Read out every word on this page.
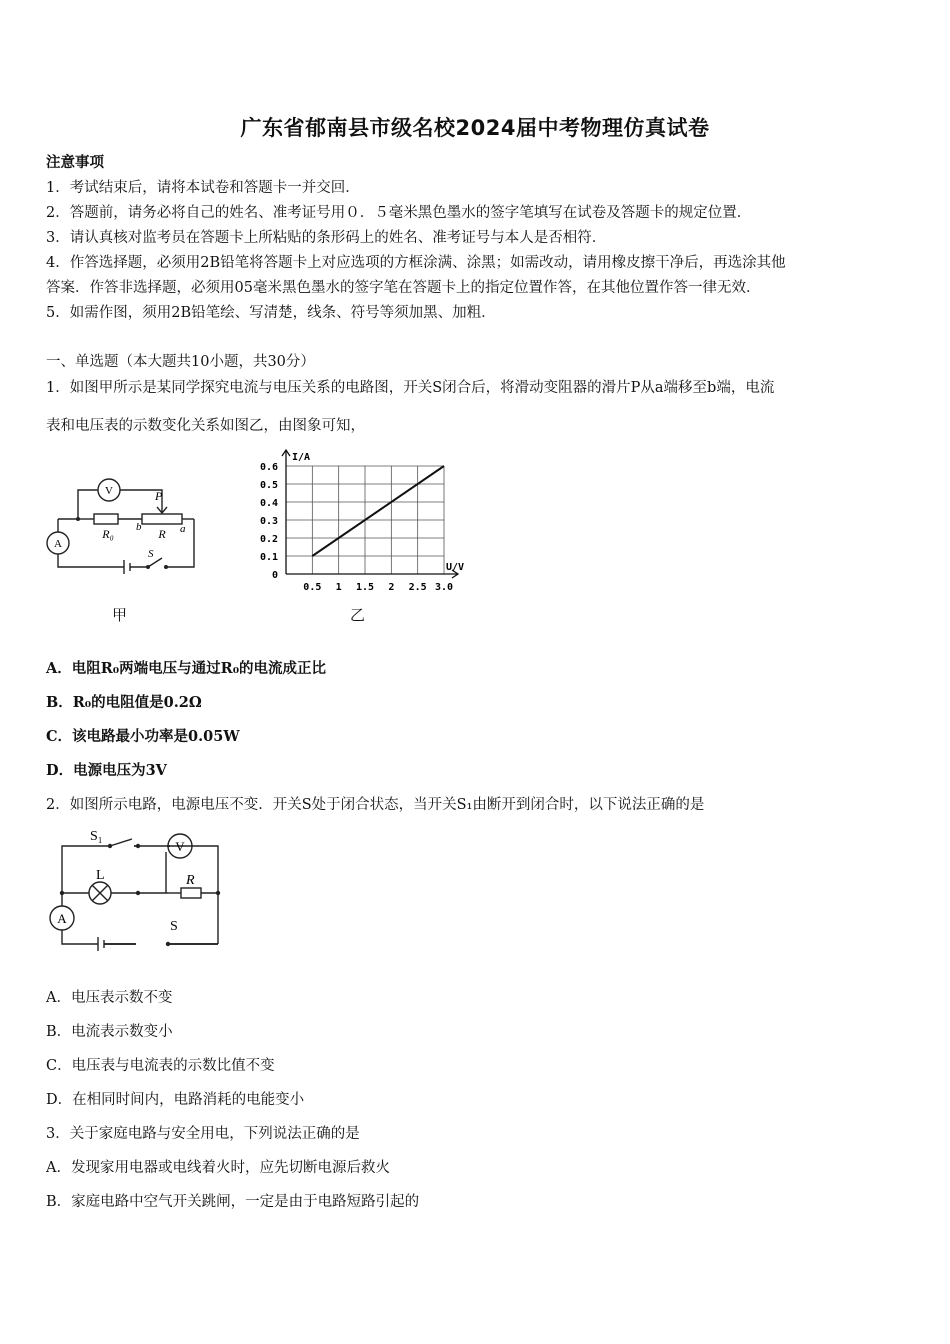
广东省郁南县市级名校2024届中考物理仿真试卷
注意事项
1．考试结束后，请将本试卷和答题卡一并交回．
2．答题前，请务必将自己的姓名、准考证号用０．５毫米黑色墨水的签字笔填写在试卷及答题卡的规定位置．
3．请认真核对监考员在答题卡上所粘贴的条形码上的姓名、准考证号与本人是否相符．
4．作答选择题，必须用2B铅笔将答题卡上对应选项的方框涂满、涂黑；如需改动，请用橡皮擦干净后，再选涂其他
答案．作答非选择题，必须用05毫米黑色墨水的签字笔在答题卡上的指定位置作答，在其他位置作答一律无效．
5．如需作图，须用2B铅笔绘、写清楚，线条、符号等须加黑、加粗．
一、单选题（本大题共10小题，共30分）
1．如图甲所示是某同学探究电流与电压关系的电路图，开关S闭合后，将滑动变阻器的滑片P从a端移至b端，电流
表和电压表的示数变化关系如图乙，由图象可知，
V
A
R₀	R
P
b	a
S
甲
0
0.1
0.2
0.3
0.4
0.5
0.6
0.5 1 1.5 2 2.5 3.0
I/A
U/V
乙
A．电阻R₀两端电压与通过R₀的电流成正比
B．R₀的电阻值是0.2Ω
C．该电路最小功率是0.05W
D．电源电压为3V
2．如图所示电路，电源电压不变．开关S处于闭合状态，当开关S₁由断开到闭合时，以下说法正确的是
S₁
V
L	R
A
S
A．电压表示数不变
B．电流表示数变小
C．电压表与电流表的示数比值不变
D．在相同时间内，电路消耗的电能变小
3．关于家庭电路与安全用电，下列说法正确的是
A．发现家用电器或电线着火时，应先切断电源后救火
B．家庭电路中空气开关跳闸，一定是由于电路短路引起的
